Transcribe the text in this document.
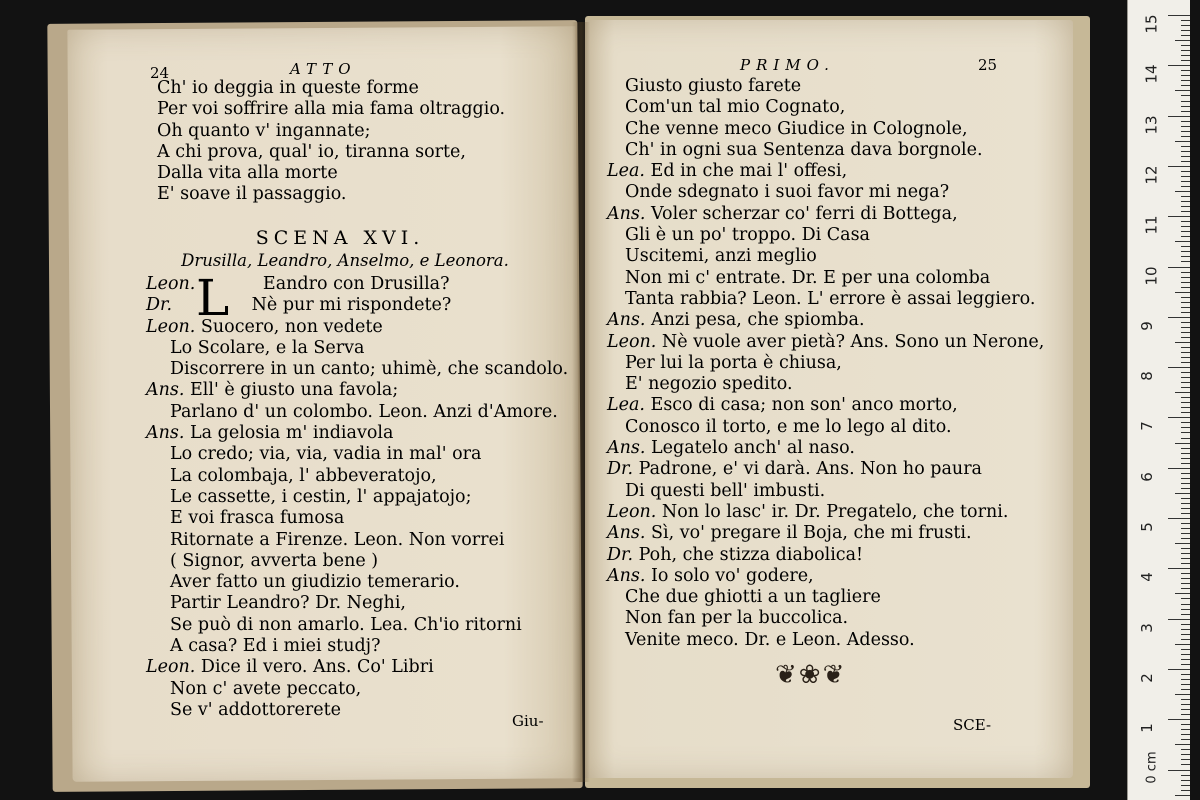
24	ATTO
Ch' io deggia in queste forme
Per voi soffrire alla mia fama oltraggio.
Oh quanto v' ingannate;
A chi prova, qual' io, tiranna sorte,
Dalla vita alla morte
E' soave il passaggio.
SCENA XVI.
Drusilla, Leandro, Anselmo, e Leonora.
L
Leon.	Eandro con Drusilla?
Dr.	Nè pur mi rispondete?
Leon. Suocero, non vedete
Lo Scolare, e la Serva
Discorrere in un canto; uhimè, che scandolo.
Ans. Ell' è giusto una favola;
Parlano d' un colombo. Leon. Anzi d'Amore.
Ans. La gelosia m' indiavola
Lo credo; via, via, vadia in mal' ora
La colombaja, l' abbeveratojo,
Le cassette, i cestin, l' appajatojo;
E voi frasca fumosa
Ritornate a Firenze. Leon. Non vorrei
( Signor, avverta bene )
Aver fatto un giudizio temerario.
Partir Leandro? Dr. Neghi,
Se può di non amarlo. Lea. Ch'io ritorni
A casa? Ed i miei studj?
Leon. Dice il vero. Ans. Co' Libri
Non c' avete peccato,
Se v' addottorerete
Giu-
PRIMO.	25
Giusto giusto farete
Com'un tal mio Cognato,
Che venne meco Giudice in Colognole,
Ch' in ogni sua Sentenza dava borgnole.
Lea. Ed in che mai l' offesi,
Onde sdegnato i suoi favor mi nega?
Ans. Voler scherzar co' ferri di Bottega,
Gli è un po' troppo. Di Casa
Uscitemi, anzi meglio
Non mi c' entrate. Dr. E per una colomba
Tanta rabbia? Leon. L' errore è assai leggiero.
Ans. Anzi pesa, che spiomba.
Leon. Nè vuole aver pietà? Ans. Sono un Nerone,
Per lui la porta è chiusa,
E' negozio spedito.
Lea. Esco di casa; non son' anco morto,
Conosco il torto, e me lo lego al dito.
Ans. Legatelo anch' al naso.
Dr. Padrone, e' vi darà. Ans. Non ho paura
Di questi bell' imbusti.
Leon. Non lo lasc' ir. Dr. Pregatelo, che torni.
Ans. Sì, vo' pregare il Boja, che mi frusti.
Dr. Poh, che stizza diabolica!
Ans. Io solo vo' godere,
Che due ghiotti a un tagliere
Non fan per la buccolica.
Venite meco. Dr. e Leon. Adesso.
❦❀❦
SCE-
15
14
13
12
11
10
9
8
7
6
5
4
3
2
1
0 cm
